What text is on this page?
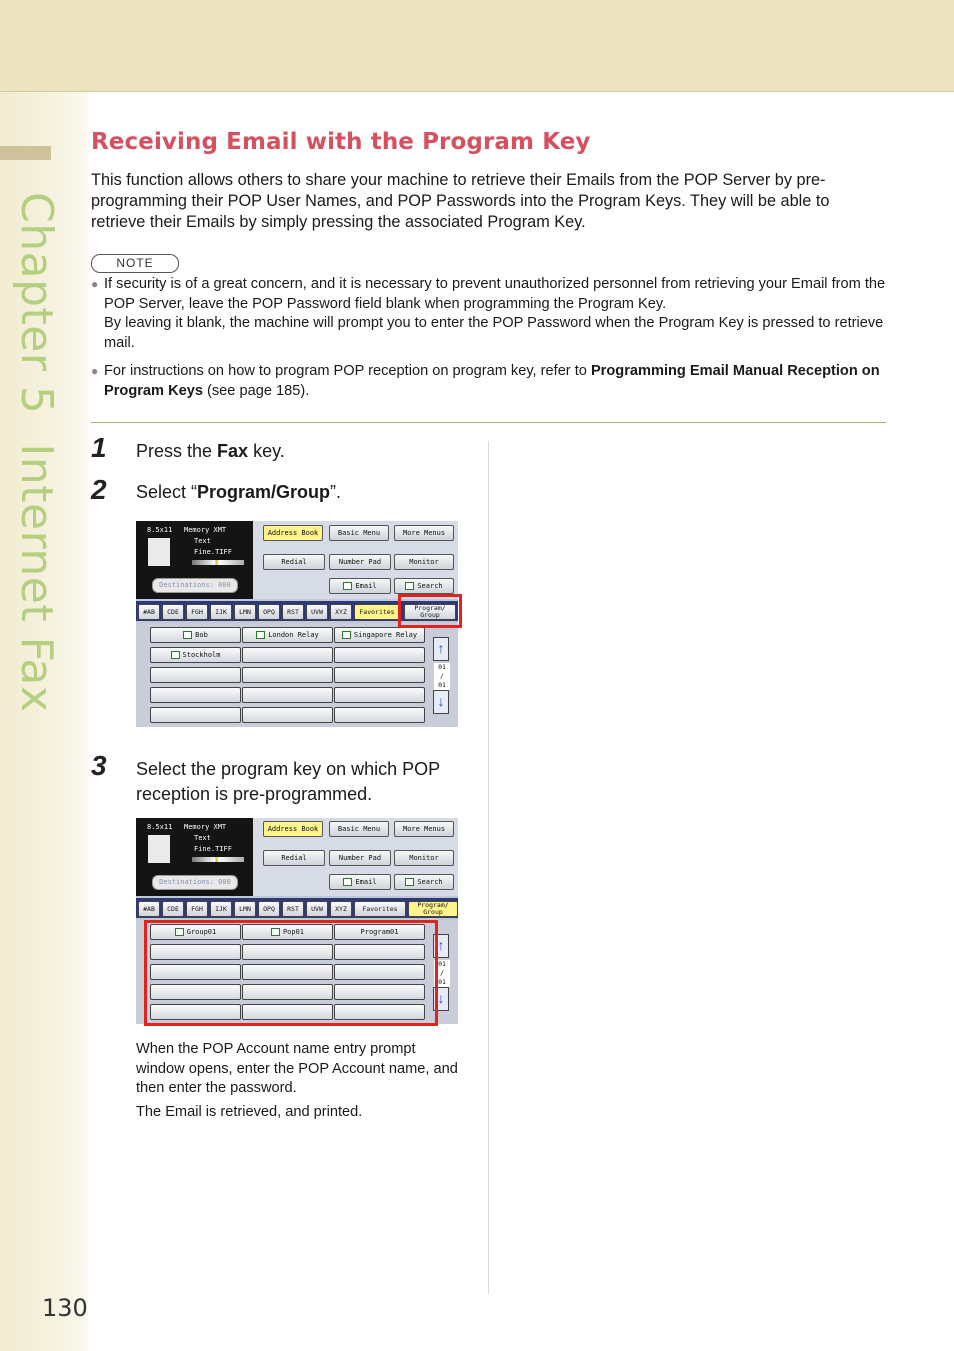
Chapter 5  Internet Fax
Receiving Email with the Program Key
This function allows others to share your machine to retrieve their Emails from the POP Server by pre-programming their POP User Names, and POP Passwords into the Program Keys. They will be able to retrieve their Emails by simply pressing the associated Program Key.
NOTE
● If security is of a great concern, and it is necessary to prevent unauthorized personnel from retrieving your Email from the POP Server, leave the POP Password field blank when programming the Program Key.
By leaving it blank, the machine will prompt you to enter the POP Password when the Program Key is pressed to retrieve mail.
● For instructions on how to program POP reception on program key, refer to Programming Email Manual Reception on Program Keys (see page 185).
1 Press the Fax key.
2 Select “Program/Group”.
8.5x11 Memory XMT
Text
Fine.TIFF
Destinations: 000
Address Book	Basic Menu	More Menus
Redial	Number Pad	Monitor
Email	Search
#AB	CDE	FGH	IJK	LMN	OPQ	RST	UVW	XYZ	Favorites	Program/
Group
Bob	London Relay	Singapore Relay
Stockholm	↑
01
/
01
↓
3 Select the program key on which POP reception is pre-programmed.
8.5x11 Memory XMT
Text
Fine.TIFF
Destinations: 000
Address Book	Basic Menu	More Menus
Redial	Number Pad	Monitor
Email	Search
#AB	CDE	FGH	IJK	LMN	OPQ	RST	UVW	XYZ	Favorites	Program/
Group
Group01	Pop01	Program01
↑
01
/
01
↓
When the POP Account name entry prompt window opens, enter the POP Account name, and then enter the password.
The Email is retrieved, and printed.
130
